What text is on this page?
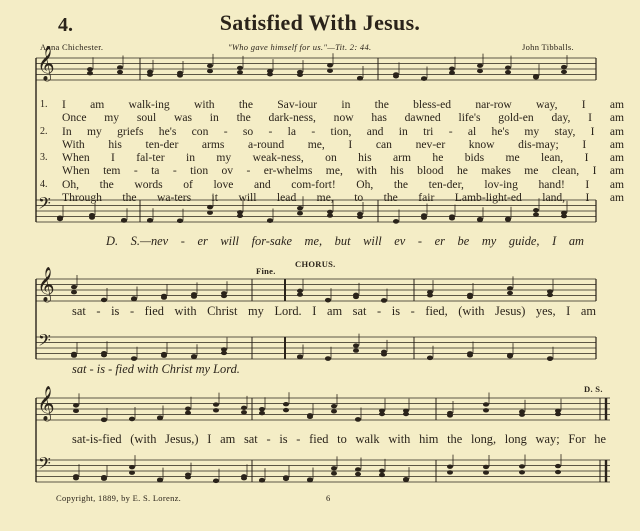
4.	Satisfied With Jesus.
Anna Chichester.	"Who gave himself for us."—Tit. 2: 44.	John Tibballs.
𝄞
𝄢
𝄞
𝄢
𝄞
𝄢
1.	I am walk-ing with the Sav-iour in the bless-ed nar-row way, I am
Once my soul was in the dark-ness, now has dawned life's gold-en day, I am
2.	In my griefs he's con - so - la - tion, and in tri - al he's my stay, I am
With his ten-der arms a-round me, I can nev-er know dis-may; I am
3.	When I fal-ter in my weak-ness, on his arm he bids me lean, I am
When tem - ta - tion ov - er-whelms me, with his blood he makes me clean, I am
4.	Oh, the words of love and com-fort! Oh, the ten-der, lov-ing hand! I am
Through the wa-ters it will lead me, to the fair Lamb-light-ed land, I am
D. S.—nev - er will for-sake me, but will ev - er be my guide, I am
Fine.
CHORUS.
sat - is - fied with Christ my Lord. I am sat - is - fied, (with Jesus) yes, I am
sat - is - fied with Christ my Lord.
D. S.
sat-is-fied (with Jesus,) I am sat - is - fied to walk with him the long, long way; For he
Copyright, 1889, by E. S. Lorenz.	6
